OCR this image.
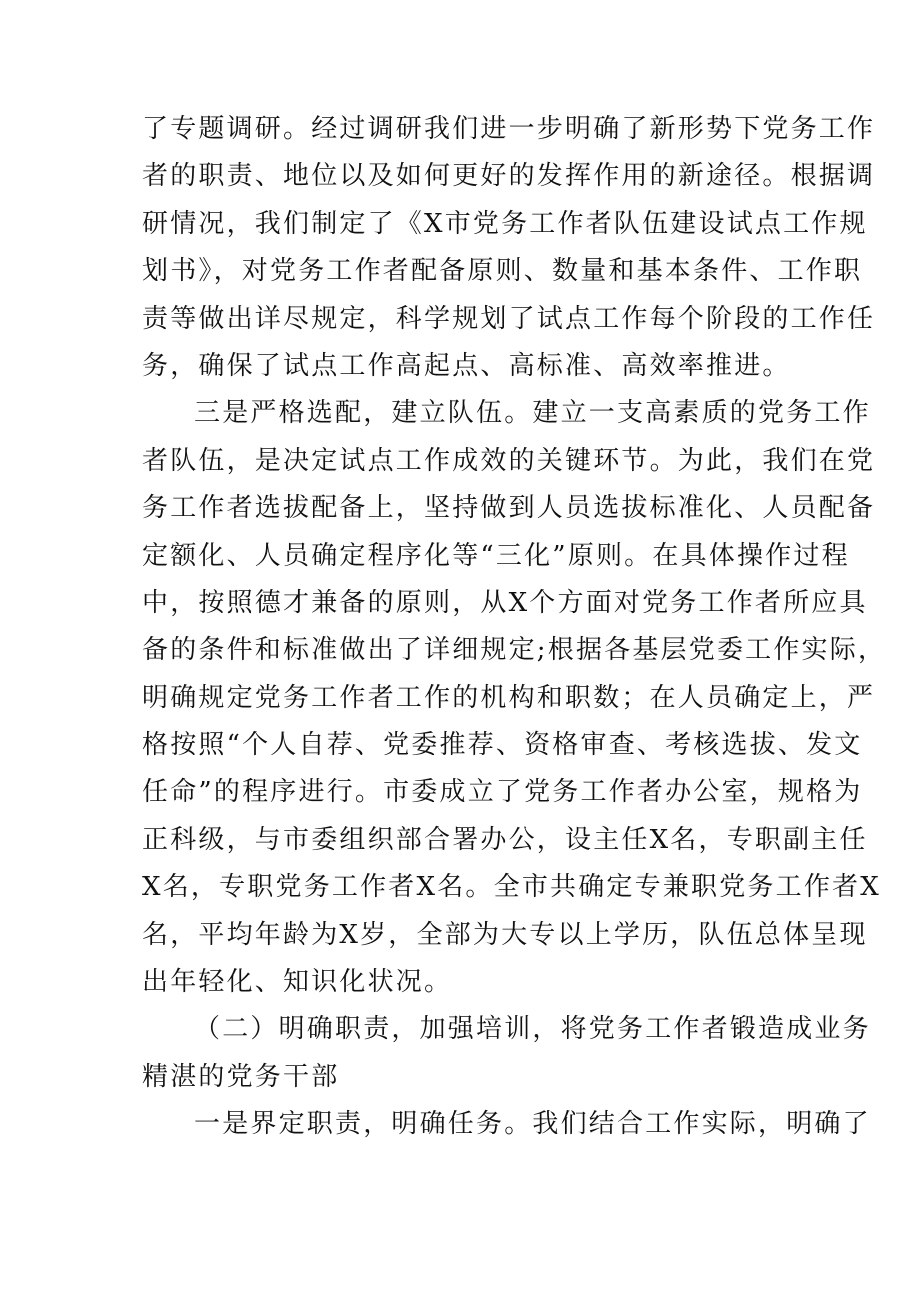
了专题调研。经过调研我们进一步明确了新形势下党务工作
者的职责、地位以及如何更好的发挥作用的新途径。根据调
研情况，我们制定了《X市党务工作者队伍建设试点工作规
划书》，对党务工作者配备原则、数量和基本条件、工作职
责等做出详尽规定，科学规划了试点工作每个阶段的工作任
务，确保了试点工作高起点、高标准、高效率推进。
三是严格选配，建立队伍。建立一支高素质的党务工作
者队伍，是决定试点工作成效的关键环节。为此，我们在党
务工作者选拔配备上，坚持做到人员选拔标准化、人员配备
定额化、人员确定程序化等“三化”原则。在具体操作过程
中，按照德才兼备的原则，从X个方面对党务工作者所应具
备的条件和标准做出了详细规定;根据各基层党委工作实际，
明确规定党务工作者工作的机构和职数；在人员确定上，严
格按照“个人自荐、党委推荐、资格审查、考核选拔、发文
任命”的程序进行。市委成立了党务工作者办公室，规格为
正科级，与市委组织部合署办公，设主任X名，专职副主任
X名，专职党务工作者X名。全市共确定专兼职党务工作者X
名，平均年龄为X岁，全部为大专以上学历，队伍总体呈现
出年轻化、知识化状况。
（二）明确职责，加强培训，将党务工作者锻造成业务
精湛的党务干部
一是界定职责，明确任务。我们结合工作实际，明确了
